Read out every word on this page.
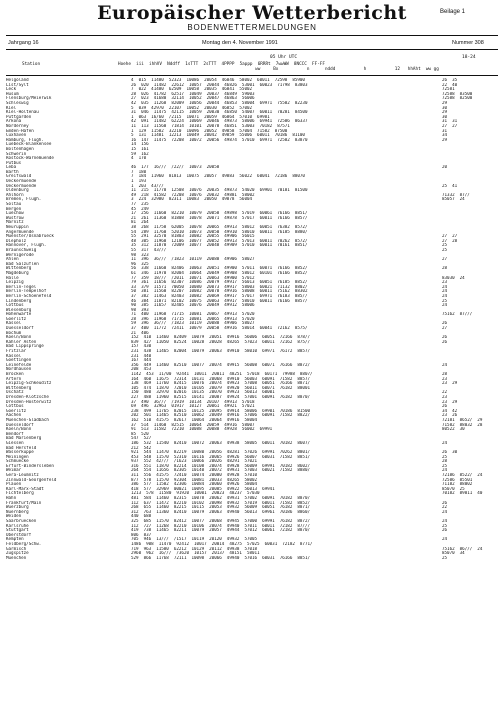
Europäischer Wetterbericht	Beilage 1
BODENWETTERMELDUNGEN
Jahrgang 16	Montag den 4. November 1991	Nummer 308
05 Uhr UTC	18-24
Station	Hoehe  iii  ihhVV  Nddff  1sTTT  2sTTT  4PPPP  5appp  6RRRt  7wwWW  8NCCC  FF-FF
ww     Bx           n      nddd           h           12   hhAht  ww gg
Helgoland	4  015  11480  52323  10086  20054  46846  58002  60011  72598  85900	26  35
List/Sylt	26  020  11482  22612  10057  20044  46826  53001  60023  71798  83803	22  40
Leck	7  022  41480  62509  10058  20035  46841  55002	72581
Husum	28  026  41782  62517  10049  20037  46849  59003	72588  83500
Flensburg/Meierwik	27  023  41680  32114  10052  20047  46863  56006	72588  82500
Schleswig	42  035  11268  82009  10056  20044  46853  58004  69971  75582  82230	29
Kiel	5  039  42970  22107  10052  20030  46852  57002	30
Kiel-Holtenau	31  046  11475  42115  10059  20030  46850  54007  60011  70281  84500	29
Puttgarden	1  063  16/60  /2115  10071  20059  46864  57010  69981	30
Arkona	42  091  11482  62224  10069  20046  49873  58006  69941  72586  86337	31  31
Norderney	11  113  11560  71814  10101  20078  46851  53003  70182  87571	27  27
Emden-Hafen	1  129  11582  32210  10096  20052  49858  57004  71582  87500	31
Cuxhaven	5  131  11481  12213  10049  20042  49859  55006  60011  70186  81100	34
Hamburg, Flugh.	16  147  11475  72208  10072  20056  49874  57010  69971  72582  83870	29
Luebeck-Blankensee	14  156
Boltenhagen	15  161
Schwerin	59  162
Rostock-Warnemuende	4  170
Putbus
Leba	46  177  16///  /22//  10073  20058	20
Barth	7  180
Greifswald	7  184  11960  81813  10075  20057  49883  56022  60041  72186  88070
Ueckermuende	1  193
Ueckermuende	1  203  43///	25  41
Oldenburg	11  215  11770  12508  10076  20035  49873  54020  69901  70181  81500
Ahlhorn	49  218  41582  72208  10076  20032  49881  58002	71332  87//
Bremen, Flugh.	3  224  32980  82311  10083  20050  49878  56004	85057  24
Soltau	77  235
Bergen	45  249
Luechow	17  256  11660  82210  10079  20058  49898  57019  60061  76166  8851/
Wustrow	21  261  11360  81808  10078  20071  49878  57017  60011  76166  8857/
Marnitz	81  264
Neuruppin	38  268  11758  62005  10078  20065  49913  58012  60051  76382  8572/
Angermuende	54  289  11760  52010  10073  20050  49910  58010  60011  76185  8880/
Muenster/Osnabrueck	55  291  32570  81803  10082  20055  49906  56015	27  27
Diepholz	48  305  11960  12106  10077  20052  49913  57013  60011  70262  8572/	27  28
Hannover, Flugh.	35  312  11870  72009  10077  20048  49909  57010  60011  70161  8851/	25
Braunschweig	55  317  43///	25
Wernigerode	98  323
Ahlen	11  396  36///  /1823  10119  20088  49906  58027	27
Bad Salzuflen	96  325
Wittenberg	56  338  11660  82406  10063  20051  49900  57011  60071  76166  8852/	28
Magdeburg	61  346  11970  82004  10064  20049  49908  58012  60101  76166  8852/
Halle	77  359  18///  /2011  10071  20063  49900  57012	83030  24
Leipzig	79  361  11656  82307  10086  20079  49917  56013  60051  76185  8852/	23
Berlin-Tegel	33  379  11571  70050  10080  20073  49917  58003  60021  71132  8802/	24
Berlin-Tempelhof	50  381  11560  82207  10082  20070  49916  58008  60011  75162  88302	24
Berlin-Schoenefeld	37  382  11463  82403  10082  20069  49917  57017  69971  76183  885//	24
Lindenberg	46  384  11871  82102  10075  20063  49917  58010  60011  76166  8857/	25
Cottbus	90  385  11657  82405  10076  20049  49912  58006	24
Wiesenburg	98  393
Hohenwarte	71  400  11968  71715  10081  20067  49913  57020	75162  87///
Goerlitz	28  396  11968  71715  10081  20065  49913  57020
Kassel	59  396  36///  /1823  10119  20088  49906  58027	26
Duesseldorf	37  400  11772  72411  10079  20058  49916  58014  60041  72162  8575/	27
Bochum	21  406
Koeln/Bonn	152  410  11460  82409  10079  20051  49916  56006  60051  72166  878//	26
Kahler Asten	839  427  11050  82524  10028  20028  48265  57023  60011  72162  875//	26
Bad Lippspringe	157  430
Fritzlar	231  438  11465  82004  10079  20063  49910  58010  69971  76172  8857/
Kassel	231  440
Goettingen	167  444
Leinefelde	356  449  11460  82510  10077  20074  49915  56008  60071  76166  8872/	24
Nordhausen	208  453
Brocken	1142  453  11/00  92441  10011  20011  48251  57018  60171  79988  8807/	28
Artern	164  460  11675  72314  10131  20068  49910  56003  60091  71582  8857/	23
Leipzig-Schkeuditz	138  469  11760  82415  10076  20074  49923  57008  60051  76166  8871/	23  29
Wittenberg	105  474  11870  72010  10105  20079  49920  56011  60071  76182  88001
Oschatz	150  480  32970  02016  10135  20070  49923  56013  60001	22
Dresden-Klotzsche	227  488  11960  82515  10141  20087  49924  57001  60091  76182  8870/	23
Dresden-Hosterwitz	37  490  36///  /1919  10134  20107  49913  57018	23  29
Cottbus	69  496  32963  01917  10127  20061  49921  57021	26
Goerlitz	238  499  11765  82015  10125  20095  49914  58006  69901  70186  81500	34  42
Aachen	202  501  11465  82510  10062  20049  49916  57006  60091  71582  8822/	23  26
Muenchen-Gladbach	162  510  41575  82617  10064  20064  49916  58004	72181  8652/  29
Duesseldorf	37  514  11460  82515  10064  20059  49916  58007	71582  88032  28
Koeln/Bonn	91  513  11582  72210  10088  20088  49928  56002  69991	80522  30
Bendorf	85  520
Bad Marienberg	547  527
Giessen	186  532  11540  82410  10072  20063  49938  58005  60011  70182  8607/	24
Bad Hersfeld	212  542
Wasserkuppe	921  544  11470  82219  10080  20056  48281  57026  69991  70262  8801/	26  30
Meiningen	453  548  11570  52310  10116  20065  49926  56007  60031  71582  8851/	25
Schmuecke	937  552  42///  /1623  10066  20026  48291  57021	28
Erfurt-Bindersleben	316  551  11870  82214  10108  20074  49928  56009  69991  70182  8602/	25
Weimar	264  554  11656  82305  10140  20072  49931  57003  60021  71582  8880/	24
Gera-Leumnitz	311  556  41575  72410  10074  20080  49928  57010	72186  8522/  24
Zinnwald-Georgenfeld	877  578  11570  92304  10081  20033  48265  58002	72586  85501
Plauen	386  577  11582  42306  10084  20060  49926  58004	71182  88002
Karl-Marx-Stadt	418  577  32969  00021  10095  20085  49922  56013  69941	85070  25
Fichtelberg	1213  578  11580  91920  10001  20023  48237  57030	70182  89811  40
Hahn	481  584  11460  82315  10078  20062  49931  57002  60091  70182  8870/
Frankfurt/Main	112  637  11472  82210  10102  20098  49932  57019  60011  71582  8852/	26
Wuerzburg	268  655  11460  82215  10115  20053  49932  56009  60051  76182  8871/	22
Nuernberg	312  763  11360  82410  10079  20063  49940  56013  69961  70186  8860/	24
Weiden	440  688
Saarbruecken	325  685  11570  82412  10077  20068  49945  57000  69991  76182  8872/	24
Karlsruhe	112  727  11268  82210  10106  20074  49940  57011  60011  72182  87///	25
Stuttgart	419  738  11465  82211  10079  20057  49944  57012  60061  72182  8870/	26
Oberstdorf	806  837
Kempten	705  946  13///  /1517  10119  20120  49932  57005	24
Feldberg/Schw.	1486  908  11470  92412  10017  20014  48275  57025  60031  72182  8771/
Garmisch	719  963  11580  62212  10129  20112  49938  57018	75162  86///  24
Zugspitze	2960  962  16///  /3620  10157  20137  48151  58011	85070  34
Muenchen	529  866  11768  72111  10098  20066  49940  57016  60031  76166  8851/	25
